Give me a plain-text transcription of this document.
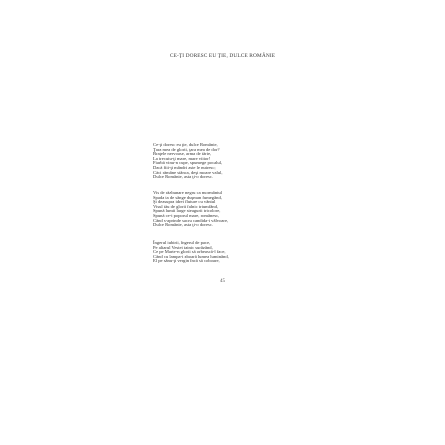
CE-ŢI DORESC EU ŢIE, DULCE ROMÂNIE
Ce-ţi doresc eu ţie, dulce Românie,
Ţara mea de glorii, ţara mea de dor?
Braţele nervoase, arma de tărie,
La trecutu-ţi mare, mare viitor!
Fiarbă vinu-n cupe, spumege pocalul,
Dacă fiii-ţi mândri aste le nutresc;
Căci rămâne stânca, deşi moare valul,
Dulce Românie, asta ţi-o doresc.
Vis de răzbunare negru ca mormântul
Spada ta de sânge duşman fumegând,
Şi deasupra idrei fluture cu vântul
Visul tău de glorii falnic triumfând,
Spună lumii large steagurii tricolore,
Spună ce-i poporul mare, românesc,
Când s-aprinde sacru candida-i vâlvoare,
Dulce Românie, asta ţi-o doresc.
Îngerul iubirii, îngerul de pace,
Pe altarul Vestei tainic surâzând,
Ce pe Marte-n glorii să orbească-l face,
Când cu lampa-i zboară lumea luminând,
El pe sânu-ţi vergin încă să coboare,
45
